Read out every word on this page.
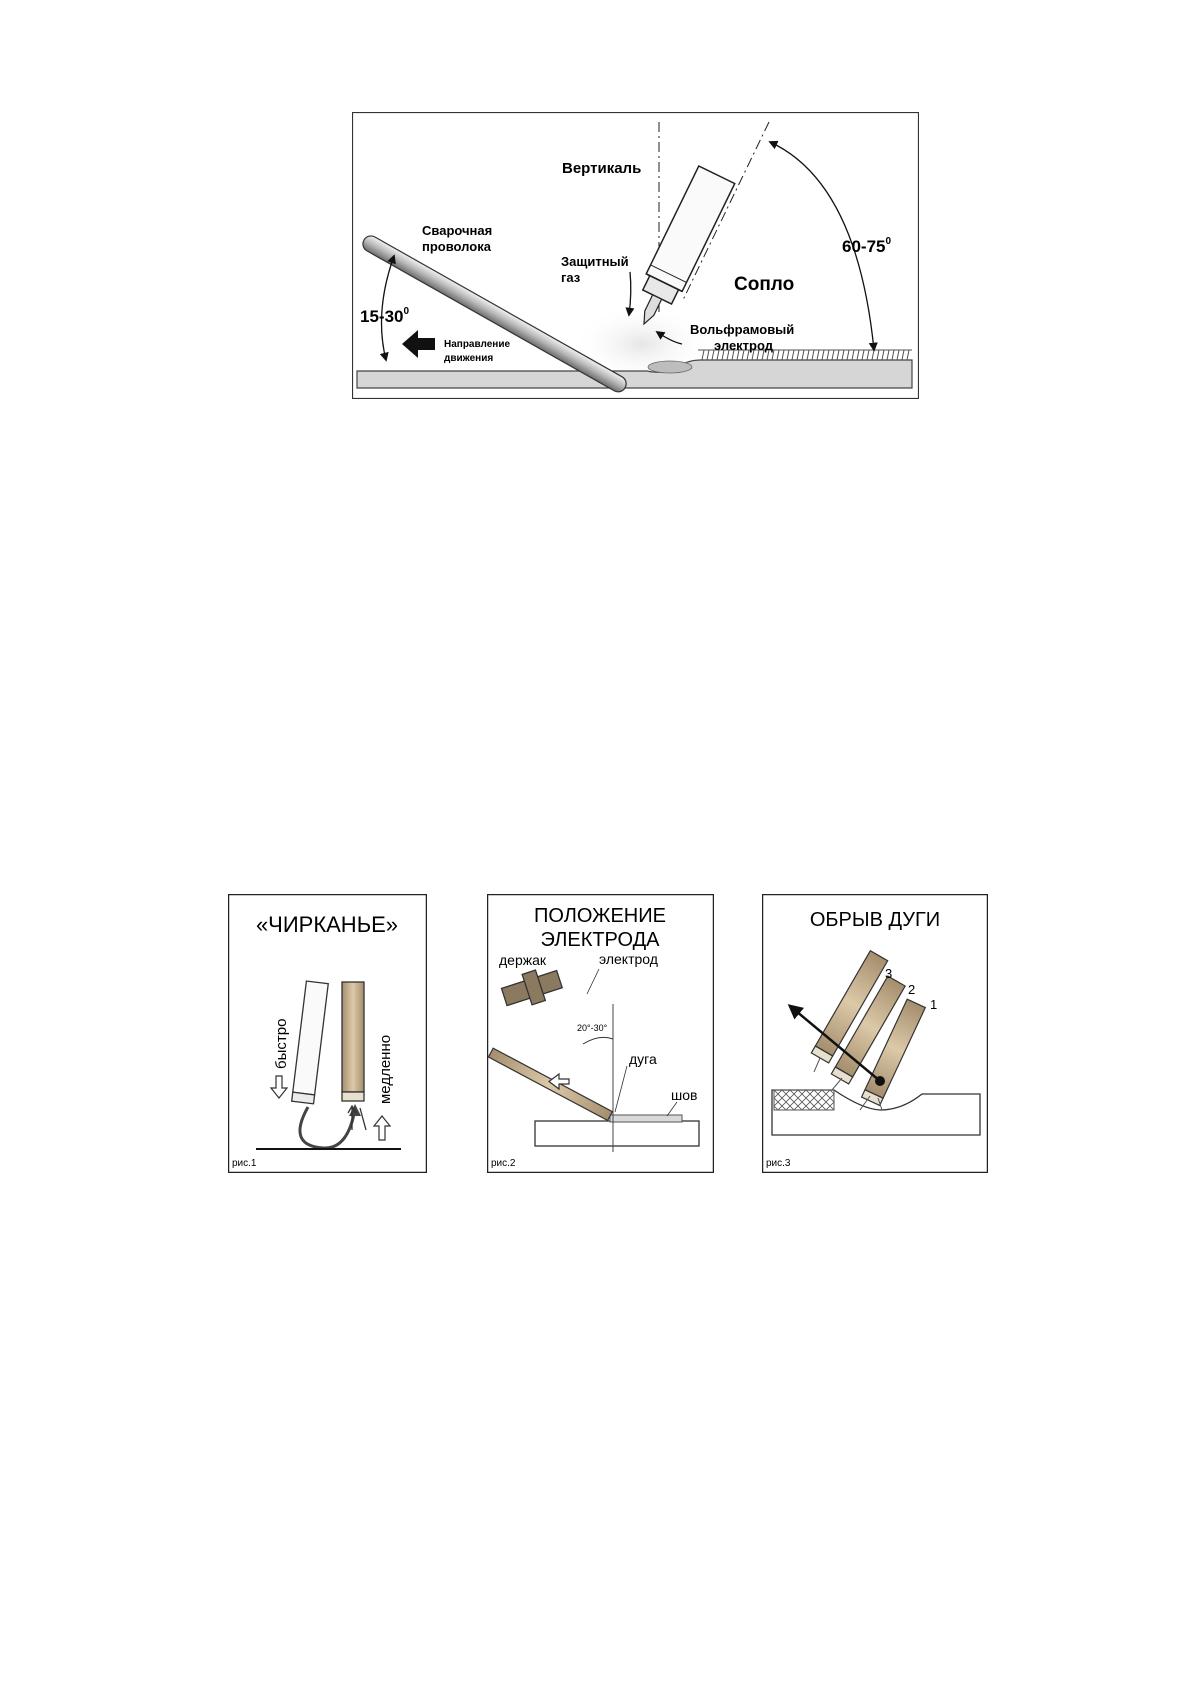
Вертикаль
Сварочная
проволока
Защитный
газ	Сопло
Вольфрамовый
электрод
Направление
движения
$15-30^0$
$60-75^0$
«ЧИРКАНЬЕ»
быстро	медленно
рис.1
ПОЛОЖЕНИЕ
ЭЛЕКТРОДА
20°-30°
держак	электрод
дуга
шов
рис.2
ОБРЫВ ДУГИ
1
2
3
рис.3
